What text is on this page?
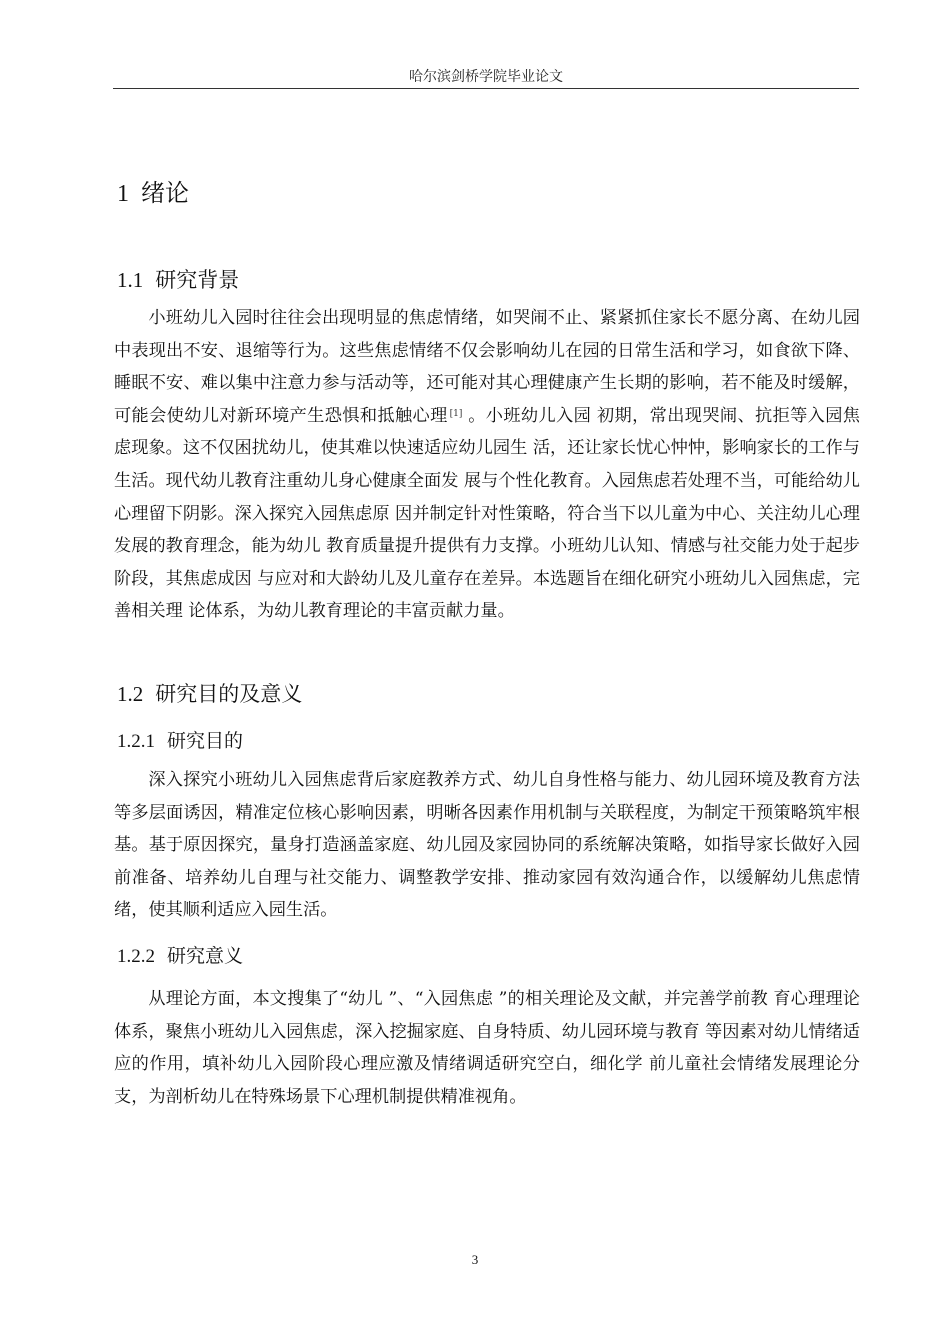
哈尔滨剑桥学院毕业论文
1 绪论
1.1 研究背景

小班幼儿入园时往往会出现明显的焦虑情绪，如哭闹不止、紧紧抓住家长不愿分离、在幼儿园中表现出不安、退缩等行为。这些焦虑情绪不仅会影响幼儿在园的日常生活和学习，如食欲下降、睡眠不安、难以集中注意力参与活动等，还可能对其心理健康产生长期的影响，若不能及时缓解，可能会使幼儿对新环境产生恐惧和抵触心理 [1] 。小班幼儿入园 初期，常出现哭闹、抗拒等入园焦虑现象。这不仅困扰幼儿，使其难以快速适应幼儿园生 活，还让家长忧心忡忡，影响家长的工作与生活。现代幼儿教育注重幼儿身心健康全面发 展与个性化教育。入园焦虑若处理不当，可能给幼儿心理留下阴影。深入探究入园焦虑原 因并制定针对性策略，符合当下以儿童为中心、关注幼儿心理发展的教育理念，能为幼儿 教育质量提升提供有力支撑。小班幼儿认知、情感与社交能力处于起步阶段，其焦虑成因 与应对和大龄幼儿及儿童存在差异。本选题旨在细化研究小班幼儿入园焦虑，完善相关理 论体系，为幼儿教育理论的丰富贡献力量。

1.2 研究目的及意义
1.2.1 研究目的

深入探究小班幼儿入园焦虑背后家庭教养方式、幼儿自身性格与能力、幼儿园环境及教育方法等多层面诱因，精准定位核心影响因素，明晰各因素作用机制与关联程度，为制定干预策略筑牢根基。基于原因探究，量身打造涵盖家庭、幼儿园及家园协同的系统解决策略，如指导家长做好入园前准备、培养幼儿自理与社交能力、调整教学安排、推动家园有效沟通合作，以缓解幼儿焦虑情绪，使其顺利适应入园生活。

1.2.2 研究意义

从理论方面，本文搜集了“幼儿 ”、“入园焦虑 ”的相关理论及文献，并完善学前教 育心理理论体系，聚焦小班幼儿入园焦虑，深入挖掘家庭、自身特质、幼儿园环境与教育 等因素对幼儿情绪适应的作用，填补幼儿入园阶段心理应激及情绪调适研究空白，细化学 前儿童社会情绪发展理论分支，为剖析幼儿在特殊场景下心理机制提供精准视角。

3
